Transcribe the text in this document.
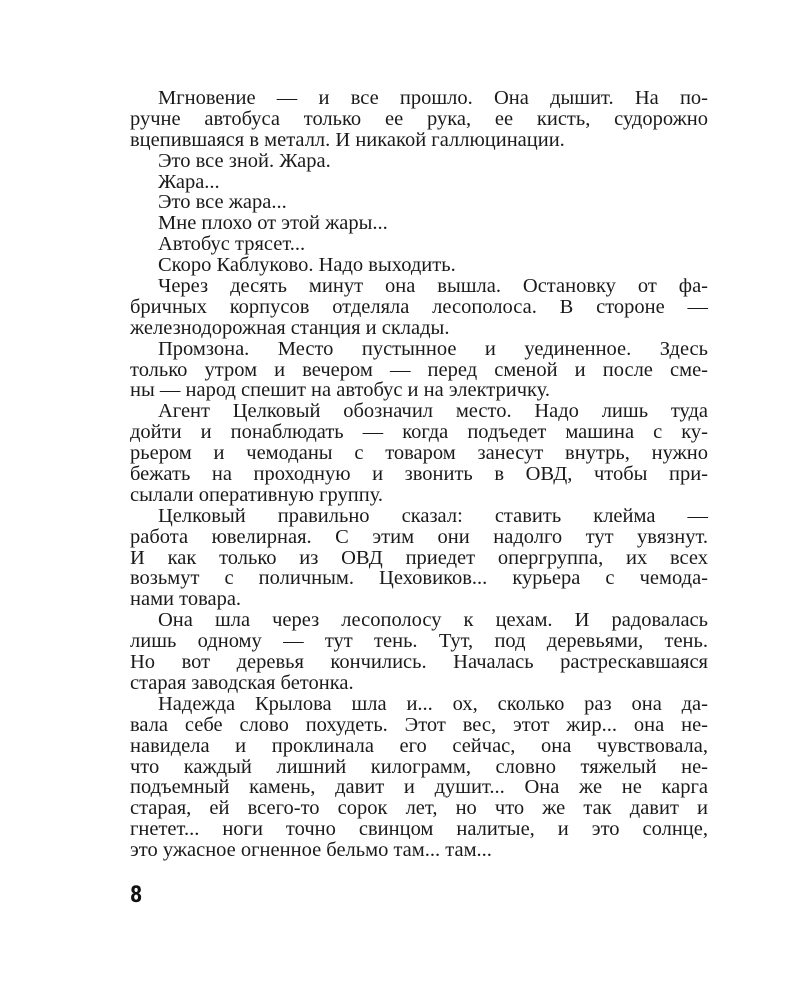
Мгновение — и все прошло. Она дышит. На по-
ручне автобуса только ее рука, ее кисть, судорожно
вцепившаяся в металл. И никакой галлюцинации.
Это все зной. Жара.
Жара...
Это все жара...
Мне плохо от этой жары...
Автобус трясет...
Скоро Каблуково. Надо выходить.
Через десять минут она вышла. Остановку от фа-
бричных корпусов отделяла лесополоса. В стороне —
железнодорожная станция и склады.
Промзона. Место пустынное и уединенное. Здесь
только утром и вечером — перед сменой и после сме-
ны — народ спешит на автобус и на электричку.
Агент Целковый обозначил место. Надо лишь туда
дойти и понаблюдать — когда подъедет машина с ку-
рьером и чемоданы с товаром занесут внутрь, нужно
бежать на проходную и звонить в ОВД, чтобы при-
сылали оперативную группу.
Целковый правильно сказал: ставить клейма —
работа ювелирная. С этим они надолго тут увязнут.
И как только из ОВД приедет опергруппа, их всех
возьмут с поличным. Цеховиков... курьера с чемода-
нами товара.
Она шла через лесополосу к цехам. И радовалась
лишь одному — тут тень. Тут, под деревьями, тень.
Но вот деревья кончились. Началась растрескавшаяся
старая заводская бетонка.
Надежда Крылова шла и... ох, сколько раз она да-
вала себе слово похудеть. Этот вес, этот жир... она не-
навидела и проклинала его сейчас, она чувствовала,
что каждый лишний килограмм, словно тяжелый не-
подъемный камень, давит и душит... Она же не карга
старая, ей всего-то сорок лет, но что же так давит и
гнетет... ноги точно свинцом налитые, и это солнце,
это ужасное огненное бельмо там... там...
8
